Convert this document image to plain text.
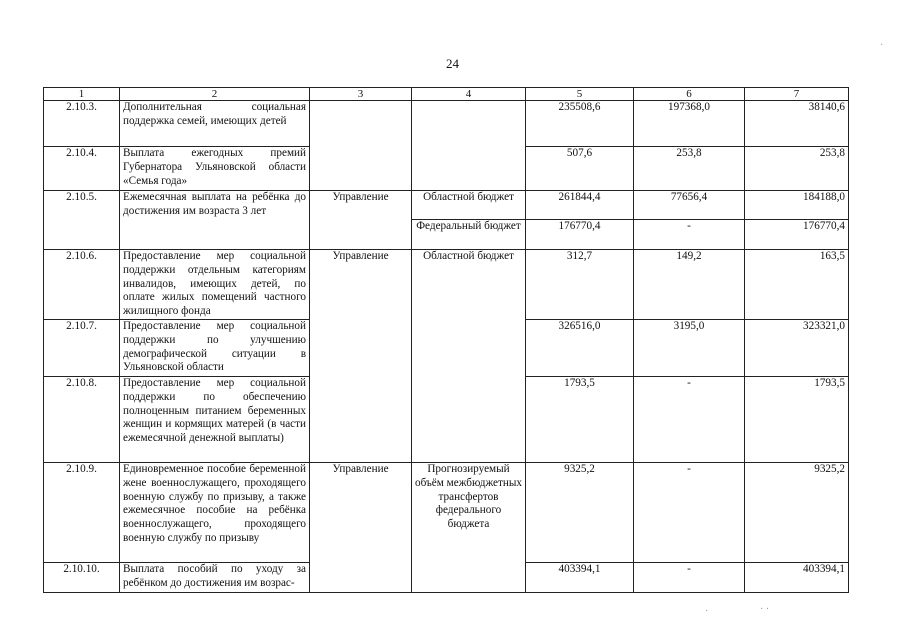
24
1	2	3	4	5	6	7
2.10.3.	Дополнительная социальная поддержка семей, имеющих детей			235508,6	197368,0	38140,6
2.10.4.	Выплата ежегодных премий Губернатора Ульяновской области «Семья года»			507,6	253,8	253,8
2.10.5.	Ежемесячная выплата на ребёнка до достижения им возраста 3 лет	Управление	Областной бюджет	261844,4	77656,4	184188,0
			Федеральный бюджет	176770,4	-	176770,4
2.10.6.	Предоставление мер социальной поддержки отдельным категориям инвалидов, имеющих детей, по оплате жилых помещений частного жилищного фонда	Управление	Областной бюджет	312,7	149,2	163,5
2.10.7.	Предоставление мер социальной поддержки по улучшению демографической ситуации в Ульяновской области			326516,0	3195,0	323321,0
2.10.8.	Предоставление мер социальной поддержки по обеспечению полноценным питанием беременных женщин и кормящих матерей (в части ежемесячной денежной выплаты)			1793,5	-	1793,5
2.10.9.	Единовременное пособие беременной жене военнослужащего, проходящего военную службу по призыву, а также ежемесячное пособие на ребёнка военнослужащего, проходящего военную службу по призыву	Управление	Прогнозируемый объём межбюджетных трансфертов федерального бюджета	9325,2	-	9325,2
2.10.10.	Выплата пособий по уходу за ребёнком до достижения им возрас-			403394,1	-	403394,1
·	· ·
·
